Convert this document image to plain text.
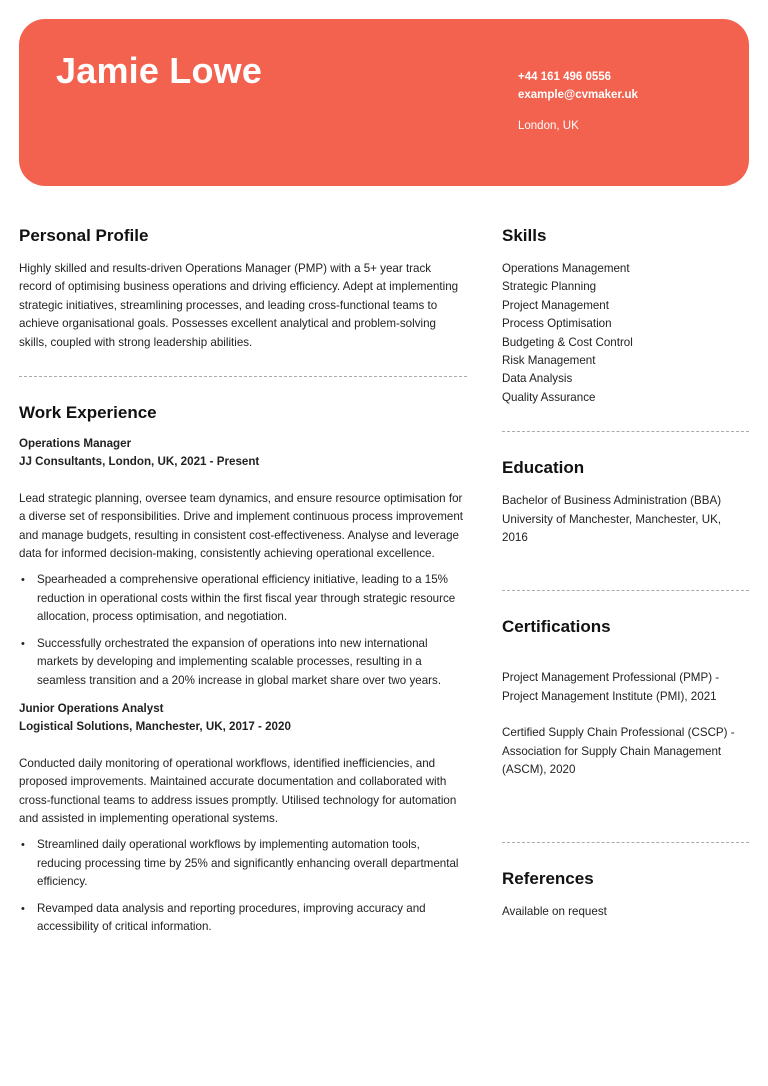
Jamie Lowe	+44 161 496 0556
example@cvmaker.uk
London, UK
Personal Profile

Highly skilled and results-driven Operations Manager (PMP) with a 5+ year track record of optimising business operations and driving efficiency. Adept at implementing strategic initiatives, streamlining processes, and leading cross-functional teams to achieve organisational goals. Possesses excellent analytical and problem-solving skills, coupled with strong leadership abilities.

Work Experience
Operations Manager
JJ Consultants, London, UK, 2021 - Present

Lead strategic planning, oversee team dynamics, and ensure resource optimisation for a diverse set of responsibilities. Drive and implement continuous process improvement and manage budgets, resulting in consistent cost-effectiveness. Analyse and leverage data for informed decision-making, consistently achieving operational excellence.

• Spearheaded a comprehensive operational efficiency initiative, leading to a 15% reduction in operational costs within the first fiscal year through strategic resource allocation, process optimisation, and negotiation.
• Successfully orchestrated the expansion of operations into new international markets by developing and implementing scalable processes, resulting in a seamless transition and a 20% increase in global market share over two years.
Junior Operations Analyst
Logistical Solutions, Manchester, UK, 2017 - 2020

Conducted daily monitoring of operational workflows, identified inefficiencies, and proposed improvements. Maintained accurate documentation and collaborated with cross-functional teams to address issues promptly. Utilised technology for automation and assisted in implementing operational systems.

• Streamlined daily operational workflows by implementing automation tools, reducing processing time by 25% and significantly enhancing overall departmental efficiency.
• Revamped data analysis and reporting procedures, improving accuracy and accessibility of critical information.
Skills
Operations Management
Strategic Planning
Project Management
Process Optimisation
Budgeting & Cost Control
Risk Management
Data Analysis
Quality Assurance
Education
Bachelor of Business Administration (BBA)
University of Manchester, Manchester, UK,
2016
Certifications
Project Management Professional (PMP) -
Project Management Institute (PMI), 2021
Certified Supply Chain Professional (CSCP) -
Association for Supply Chain Management
(ASCM), 2020
References

Available on request
